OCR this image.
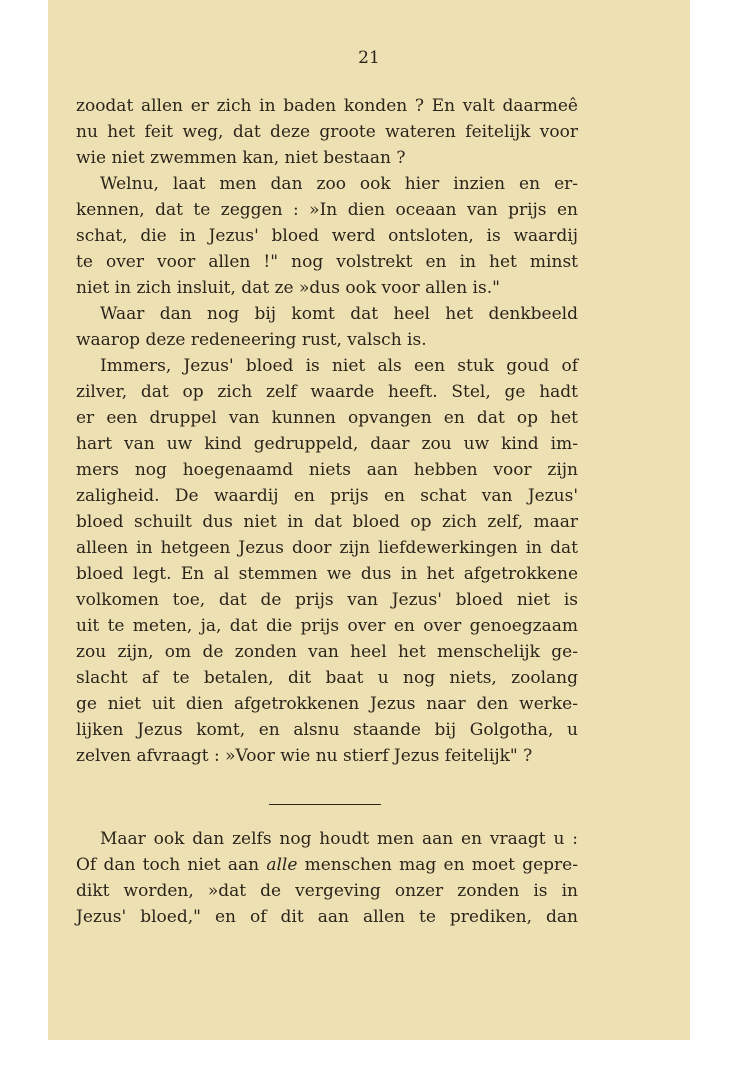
21
zoodat allen er zich in baden konden ? En valt daarmeê
nu het feit weg, dat deze groote wateren feitelijk voor
wie niet zwemmen kan, niet bestaan ?
Welnu, laat men dan zoo ook hier inzien en er-
kennen, dat te zeggen : »In dien oceaan van prijs en
schat, die in Jezus' bloed werd ontsloten, is waardij
te over voor allen !" nog volstrekt en in het minst
niet in zich insluit, dat ze »dus ook voor allen is."
Waar dan nog bij komt dat heel het denkbeeld
waarop deze redeneering rust, valsch is.
Immers, Jezus' bloed is niet als een stuk goud of
zilver, dat op zich zelf waarde heeft. Stel, ge hadt
er een druppel van kunnen opvangen en dat op het
hart van uw kind gedruppeld, daar zou uw kind im-
mers nog hoegenaamd niets aan hebben voor zijn
zaligheid. De waardij en prijs en schat van Jezus'
bloed schuilt dus niet in dat bloed op zich zelf, maar
alleen in hetgeen Jezus door zijn liefdewerkingen in dat
bloed legt. En al stemmen we dus in het afgetrokkene
volkomen toe, dat de prijs van Jezus' bloed niet is
uit te meten, ja, dat die prijs over en over genoegzaam
zou zijn, om de zonden van heel het menschelijk ge-
slacht af te betalen, dit baat u nog niets, zoolang
ge niet uit dien afgetrokkenen Jezus naar den werke-
lijken Jezus komt, en alsnu staande bij Golgotha, u
zelven afvraagt : »Voor wie nu stierf Jezus feitelijk" ?
Maar ook dan zelfs nog houdt men aan en vraagt u :
Of dan toch niet aan alle menschen mag en moet gepre-
dikt worden, »dat de vergeving onzer zonden is in
Jezus' bloed," en of dit aan allen te prediken, dan
